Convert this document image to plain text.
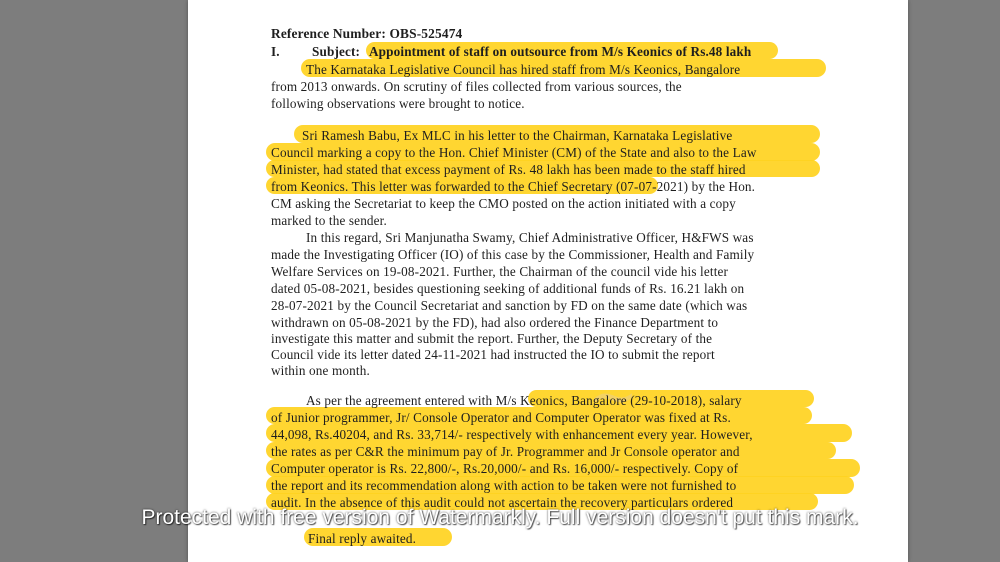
~
Reference Number: OBS-525474
I. Subject: Appointment of staff on outsource from M/s Keonics of Rs.48 lakh
The Karnataka Legislative Council has hired staff from M/s Keonics, Bangalore
from 2013 onwards. On scrutiny of files collected from various sources, the
following observations were brought to notice.
Sri Ramesh Babu, Ex MLC in his letter to the Chairman, Karnataka Legislative
Council marking a copy to the Hon. Chief Minister (CM) of the State and also to the Law
Minister, had stated that excess payment of Rs. 48 lakh has been made to the staff hired
from Keonics. This letter was forwarded to the Chief Secretary (07-07-2021) by the Hon.
CM asking the Secretariat to keep the CMO posted on the action initiated with a copy
marked to the sender.
In this regard, Sri Manjunatha Swamy, Chief Administrative Officer, H&FWS was
made the Investigating Officer (IO) of this case by the Commissioner, Health and Family
Welfare Services on 19-08-2021. Further, the Chairman of the council vide his letter
dated 05-08-2021, besides questioning seeking of additional funds of Rs. 16.21 lakh on
28-07-2021 by the Council Secretariat and sanction by FD on the same date (which was
withdrawn on 05-08-2021 by the FD), had also ordered the Finance Department to
investigate this matter and submit the report. Further, the Deputy Secretary of the
Council vide its letter dated 24-11-2021 had instructed the IO to submit the report
within one month.
As per the agreement entered with M/s Keonics, Bangalore (29-10-2018), salary
of Junior programmer, Jr/ Console Operator and Computer Operator was fixed at Rs.
44,098, Rs.40204, and Rs. 33,714/- respectively with enhancement every year. However,
the rates as per C&R the minimum pay of Jr. Programmer and Jr Console operator and
Computer operator is Rs. 22,800/-, Rs.20,000/- and Rs. 16,000/- respectively. Copy of
the report and its recommendation along with action to be taken were not furnished to
audit. In the absence of this audit could not ascertain the recovery particulars ordered
Final reply awaited.
Protected with free version of Watermarkly. Full version doesn't put this mark.
